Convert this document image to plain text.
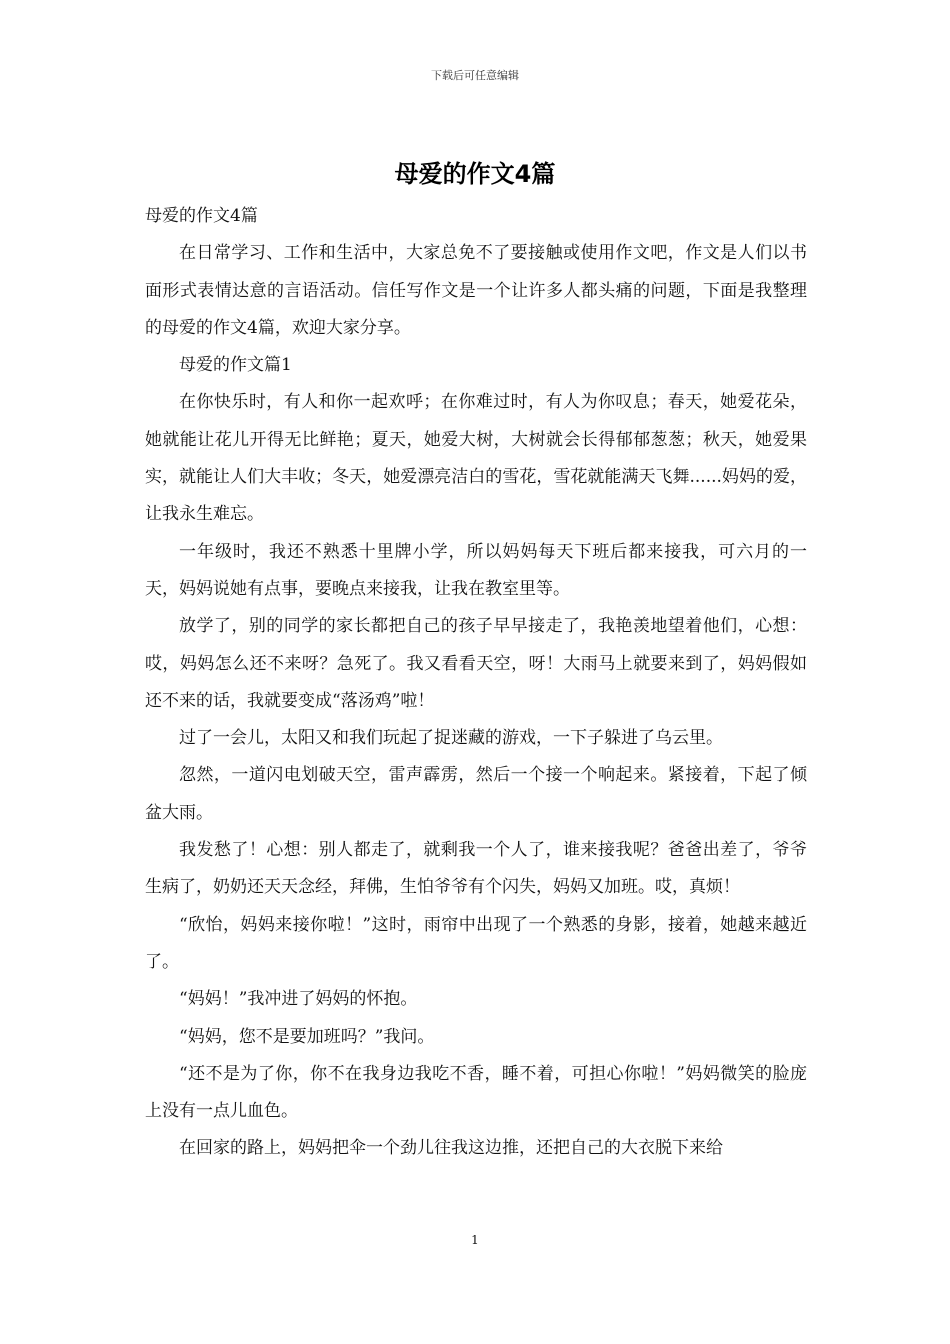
下载后可任意编辑
母爱的作文4篇

母爱的作文4篇

在日常学习、工作和生活中，大家总免不了要接触或使用作文吧，作文是人们以书面形式表情达意的言语活动。信任写作文是一个让许多人都头痛的问题，下面是我整理的母爱的作文4篇，欢迎大家分享。

母爱的作文篇1

在你快乐时，有人和你一起欢呼；在你难过时，有人为你叹息；春天，她爱花朵，她就能让花儿开得无比鲜艳；夏天，她爱大树，大树就会长得郁郁葱葱；秋天，她爱果实，就能让人们大丰收；冬天，她爱漂亮洁白的雪花，雪花就能满天飞舞......妈妈的爱，让我永生难忘。

一年级时，我还不熟悉十里牌小学，所以妈妈每天下班后都来接我，可六月的一天，妈妈说她有点事，要晚点来接我，让我在教室里等。

放学了，别的同学的家长都把自己的孩子早早接走了，我艳羡地望着他们，心想：哎，妈妈怎么还不来呀？急死了。我又看看天空，呀！大雨马上就要来到了，妈妈假如还不来的话，我就要变成“落汤鸡”啦！

过了一会儿，太阳又和我们玩起了捉迷藏的游戏，一下子躲进了乌云里。

忽然，一道闪电划破天空，雷声霹雳，然后一个接一个响起来。紧接着，下起了倾盆大雨。

我发愁了！心想：别人都走了，就剩我一个人了，谁来接我呢？爸爸出差了，爷爷生病了，奶奶还天天念经，拜佛，生怕爷爷有个闪失，妈妈又加班。哎，真烦！

“欣怡，妈妈来接你啦！”这时，雨帘中出现了一个熟悉的身影，接着，她越来越近了。

“妈妈！”我冲进了妈妈的怀抱。

“妈妈，您不是要加班吗？”我问。

“还不是为了你，你不在我身边我吃不香，睡不着，可担心你啦！”妈妈微笑的脸庞上没有一点儿血色。

在回家的路上，妈妈把伞一个劲儿往我这边推，还把自己的大衣脱下来给

1
